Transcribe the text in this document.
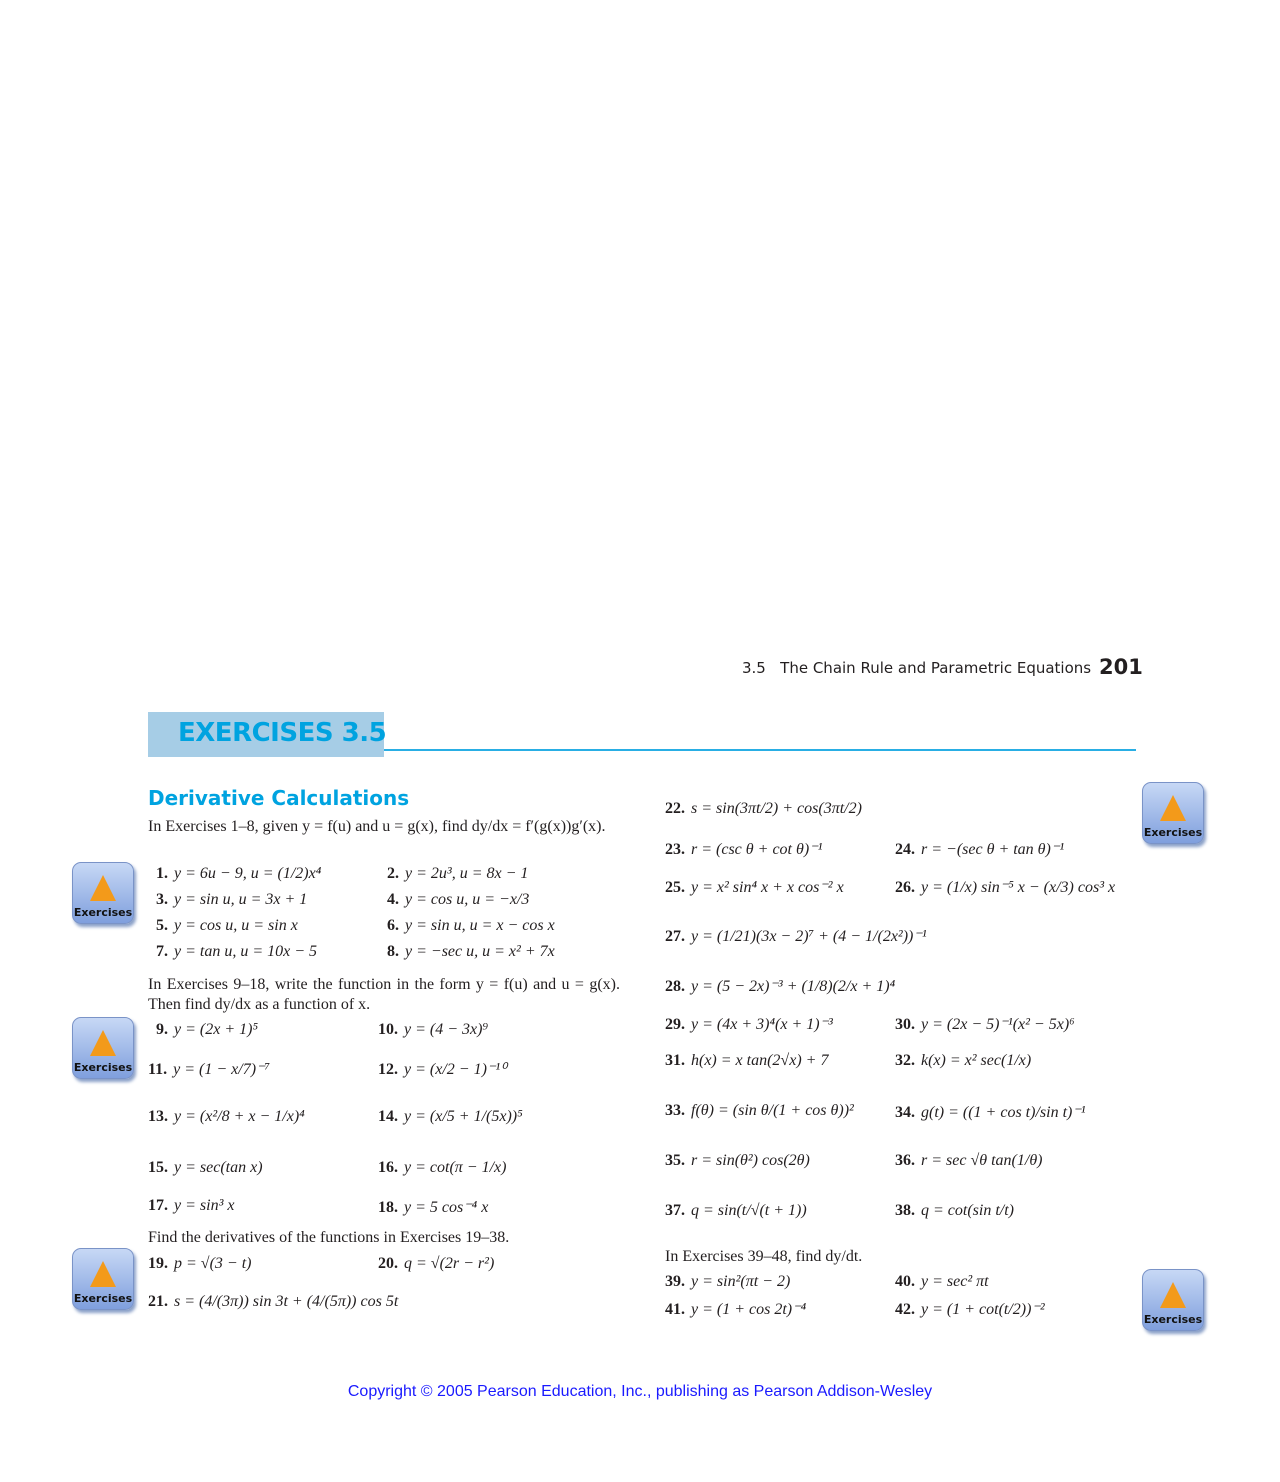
3.5 The Chain Rule and Parametric Equations 201
EXERCISES 3.5
Derivative Calculations
In Exercises 1–8, given y = f(u) and u = g(x), find dy/dx = f′(g(x))g′(x).
In Exercises 9–18, write the function in the form y = f(u) and u = g(x). Then find dy/dx as a function of x.
Find the derivatives of the functions in Exercises 19–38.
In Exercises 39–48, find dy/dt.
1. y = 6u − 9, u = (1/2)x⁴	2. y = 2u³, u = 8x − 1
3. y = sin u, u = 3x + 1	4. y = cos u, u = −x/3
5. y = cos u, u = sin x	6. y = sin u, u = x − cos x
7. y = tan u, u = 10x − 5	8. y = −sec u, u = x² + 7x
9. y = (2x + 1)⁵	10. y = (4 − 3x)⁹
11. y = (1 − x/7)⁻⁷	12. y = (x/2 − 1)⁻¹⁰
13. y = (x²/8 + x − 1/x)⁴	14. y = (x/5 + 1/(5x))⁵
15. y = sec(tan x)	16. y = cot(π − 1/x)
17. y = sin³ x	18. y = 5 cos⁻⁴ x
19. p = √(3 − t)	20. q = √(2r − r²)
21. s = (4/(3π)) sin 3t + (4/(5π)) cos 5t
22. s = sin(3πt/2) + cos(3πt/2)
23. r = (csc θ + cot θ)⁻¹	24. r = −(sec θ + tan θ)⁻¹
25. y = x² sin⁴ x + x cos⁻² x	26. y = (1/x) sin⁻⁵ x − (x/3) cos³ x
27. y = (1/21)(3x − 2)⁷ + (4 − 1/(2x²))⁻¹
28. y = (5 − 2x)⁻³ + (1/8)(2/x + 1)⁴
29. y = (4x + 3)⁴(x + 1)⁻³	30. y = (2x − 5)⁻¹(x² − 5x)⁶
31. h(x) = x tan(2√x) + 7	32. k(x) = x² sec(1/x)
33. f(θ) = (sin θ/(1 + cos θ))²	34. g(t) = ((1 + cos t)/sin t)⁻¹
35. r = sin(θ²) cos(2θ)	36. r = sec √θ tan(1/θ)
37. q = sin(t/√(t + 1))	38. q = cot(sin t/t)
39. y = sin²(πt − 2)	40. y = sec² πt
41. y = (1 + cos 2t)⁻⁴	42. y = (1 + cot(t/2))⁻²
Exercises
Exercises
Exercises
Exercises
Exercises
Copyright © 2005 Pearson Education, Inc., publishing as Pearson Addison-Wesley
